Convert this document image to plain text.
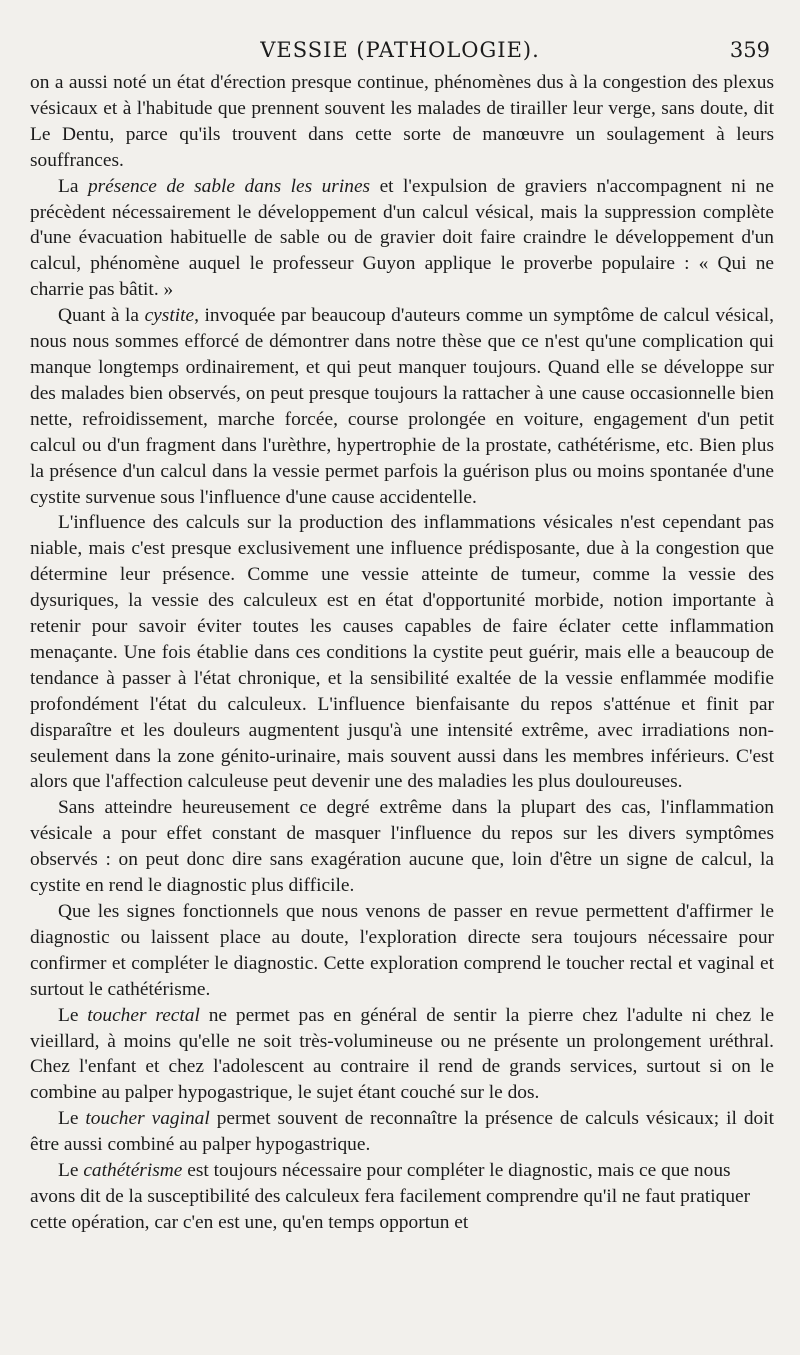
VESSIE (PATHOLOGIE).	359

on a aussi noté un état d'érection presque continue, phénomènes dus à la congestion des plexus vésicaux et à l'habitude que prennent souvent les malades de tirailler leur verge, sans doute, dit Le Dentu, parce qu'ils trouvent dans cette sorte de manœuvre un soulagement à leurs souffrances.

La présence de sable dans les urines et l'expulsion de graviers n'accompagnent ni ne précèdent nécessairement le développement d'un calcul vésical, mais la suppression complète d'une évacuation habituelle de sable ou de gravier doit faire craindre le développement d'un calcul, phénomène auquel le professeur Guyon applique le proverbe populaire : « Qui ne charrie pas bâtit. »

Quant à la cystite, invoquée par beaucoup d'auteurs comme un symptôme de calcul vésical, nous nous sommes efforcé de démontrer dans notre thèse que ce n'est qu'une complication qui manque longtemps ordinairement, et qui peut manquer toujours. Quand elle se développe sur des malades bien observés, on peut presque toujours la rattacher à une cause occasionnelle bien nette, refroidissement, marche forcée, course prolongée en voiture, engagement d'un petit calcul ou d'un fragment dans l'urèthre, hypertrophie de la prostate, cathétérisme, etc. Bien plus la présence d'un calcul dans la vessie permet parfois la guérison plus ou moins spontanée d'une cystite survenue sous l'influence d'une cause accidentelle.

L'influence des calculs sur la production des inflammations vésicales n'est cependant pas niable, mais c'est presque exclusivement une influence prédisposante, due à la congestion que détermine leur présence. Comme une vessie atteinte de tumeur, comme la vessie des dysuriques, la vessie des calculeux est en état d'opportunité morbide, notion importante à retenir pour savoir éviter toutes les causes capables de faire éclater cette inflammation menaçante. Une fois établie dans ces conditions la cystite peut guérir, mais elle a beaucoup de tendance à passer à l'état chronique, et la sensibilité exaltée de la vessie enflammée modifie profondément l'état du calculeux. L'influence bienfaisante du repos s'atténue et finit par disparaître et les douleurs augmentent jusqu'à une intensité extrême, avec irradiations non-seulement dans la zone génito-urinaire, mais souvent aussi dans les membres inférieurs. C'est alors que l'affection calculeuse peut devenir une des maladies les plus douloureuses.

Sans atteindre heureusement ce degré extrême dans la plupart des cas, l'inflammation vésicale a pour effet constant de masquer l'influence du repos sur les divers symptômes observés : on peut donc dire sans exagération aucune que, loin d'être un signe de calcul, la cystite en rend le diagnostic plus difficile.

Que les signes fonctionnels que nous venons de passer en revue permettent d'affirmer le diagnostic ou laissent place au doute, l'exploration directe sera toujours nécessaire pour confirmer et compléter le diagnostic. Cette exploration comprend le toucher rectal et vaginal et surtout le cathétérisme.

Le toucher rectal ne permet pas en général de sentir la pierre chez l'adulte ni chez le vieillard, à moins qu'elle ne soit très-volumineuse ou ne présente un prolongement uréthral. Chez l'enfant et chez l'adolescent au contraire il rend de grands services, surtout si on le combine au palper hypogastrique, le sujet étant couché sur le dos.

Le toucher vaginal permet souvent de reconnaître la présence de calculs vésicaux; il doit être aussi combiné au palper hypogastrique.

Le cathétérisme est toujours nécessaire pour compléter le diagnostic, mais ce que nous avons dit de la susceptibilité des calculeux fera facilement comprendre qu'il ne faut pratiquer cette opération, car c'en est une, qu'en temps opportun et
